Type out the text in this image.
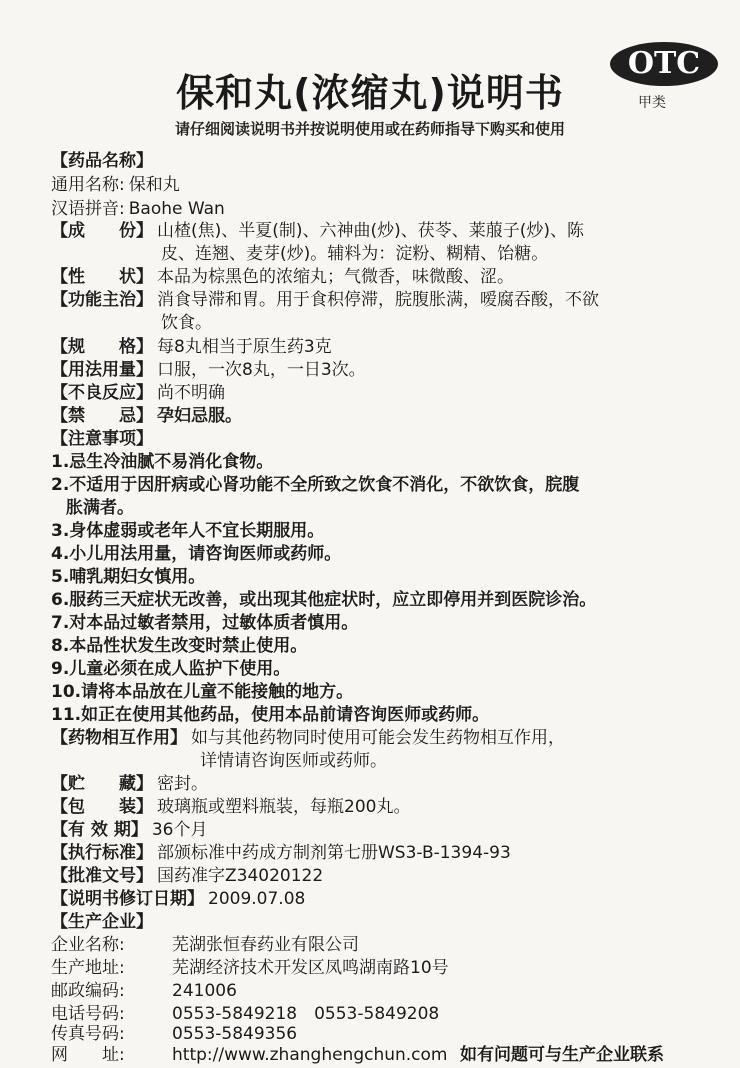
保和丸(浓缩丸)说明书
请仔细阅读说明书并按说明使用或在药师指导下购买和使用
OTC
甲类
【药品名称】
通用名称: 保和丸
汉语拼音: Baohe Wan
【成　　份】 山楂(焦)、半夏(制)、六神曲(炒)、茯苓、莱菔子(炒)、陈
皮、连翘、麦芽(炒)。辅料为：淀粉、糊精、饴糖。
【性　　状】 本品为棕黑色的浓缩丸；气微香，味微酸、涩。
【功能主治】 消食导滞和胃。用于食积停滞，脘腹胀满，嗳腐吞酸，不欲
饮食。
【规　　格】 每8丸相当于原生药3克
【用法用量】 口服，一次8丸，一日3次。
【不良反应】 尚不明确
【禁　　忌】 孕妇忌服。
【注意事项】
1.忌生冷油腻不易消化食物。
2.不适用于因肝病或心肾功能不全所致之饮食不消化，不欲饮食，脘腹
胀满者。
3.身体虚弱或老年人不宜长期服用。
4.小儿用法用量，请咨询医师或药师。
5.哺乳期妇女慎用。
6.服药三天症状无改善，或出现其他症状时，应立即停用并到医院诊治。
7.对本品过敏者禁用，过敏体质者慎用。
8.本品性状发生改变时禁止使用。
9.儿童必须在成人监护下使用。
10.请将本品放在儿童不能接触的地方。
11.如正在使用其他药品，使用本品前请咨询医师或药师。
【药物相互作用】 如与其他药物同时使用可能会发生药物相互作用，
详情请咨询医师或药师。
【贮　　藏】 密封。
【包　　装】 玻璃瓶或塑料瓶装，每瓶200丸。
【有 效 期】 36个月
【执行标准】 部颁标准中药成方制剂第七册WS3-B-1394-93
【批准文号】 国药准字Z34020122
【说明书修订日期】 2009.07.08
【生产企业】
企业名称:	芜湖张恒春药业有限公司
生产地址:	芜湖经济技术开发区凤鸣湖南路10号
邮政编码:	241006
电话号码:	0553-5849218　0553-5849208
传真号码:	0553-5849356
网　　址:	http://www.zhanghengchun.com 如有问题可与生产企业联系
